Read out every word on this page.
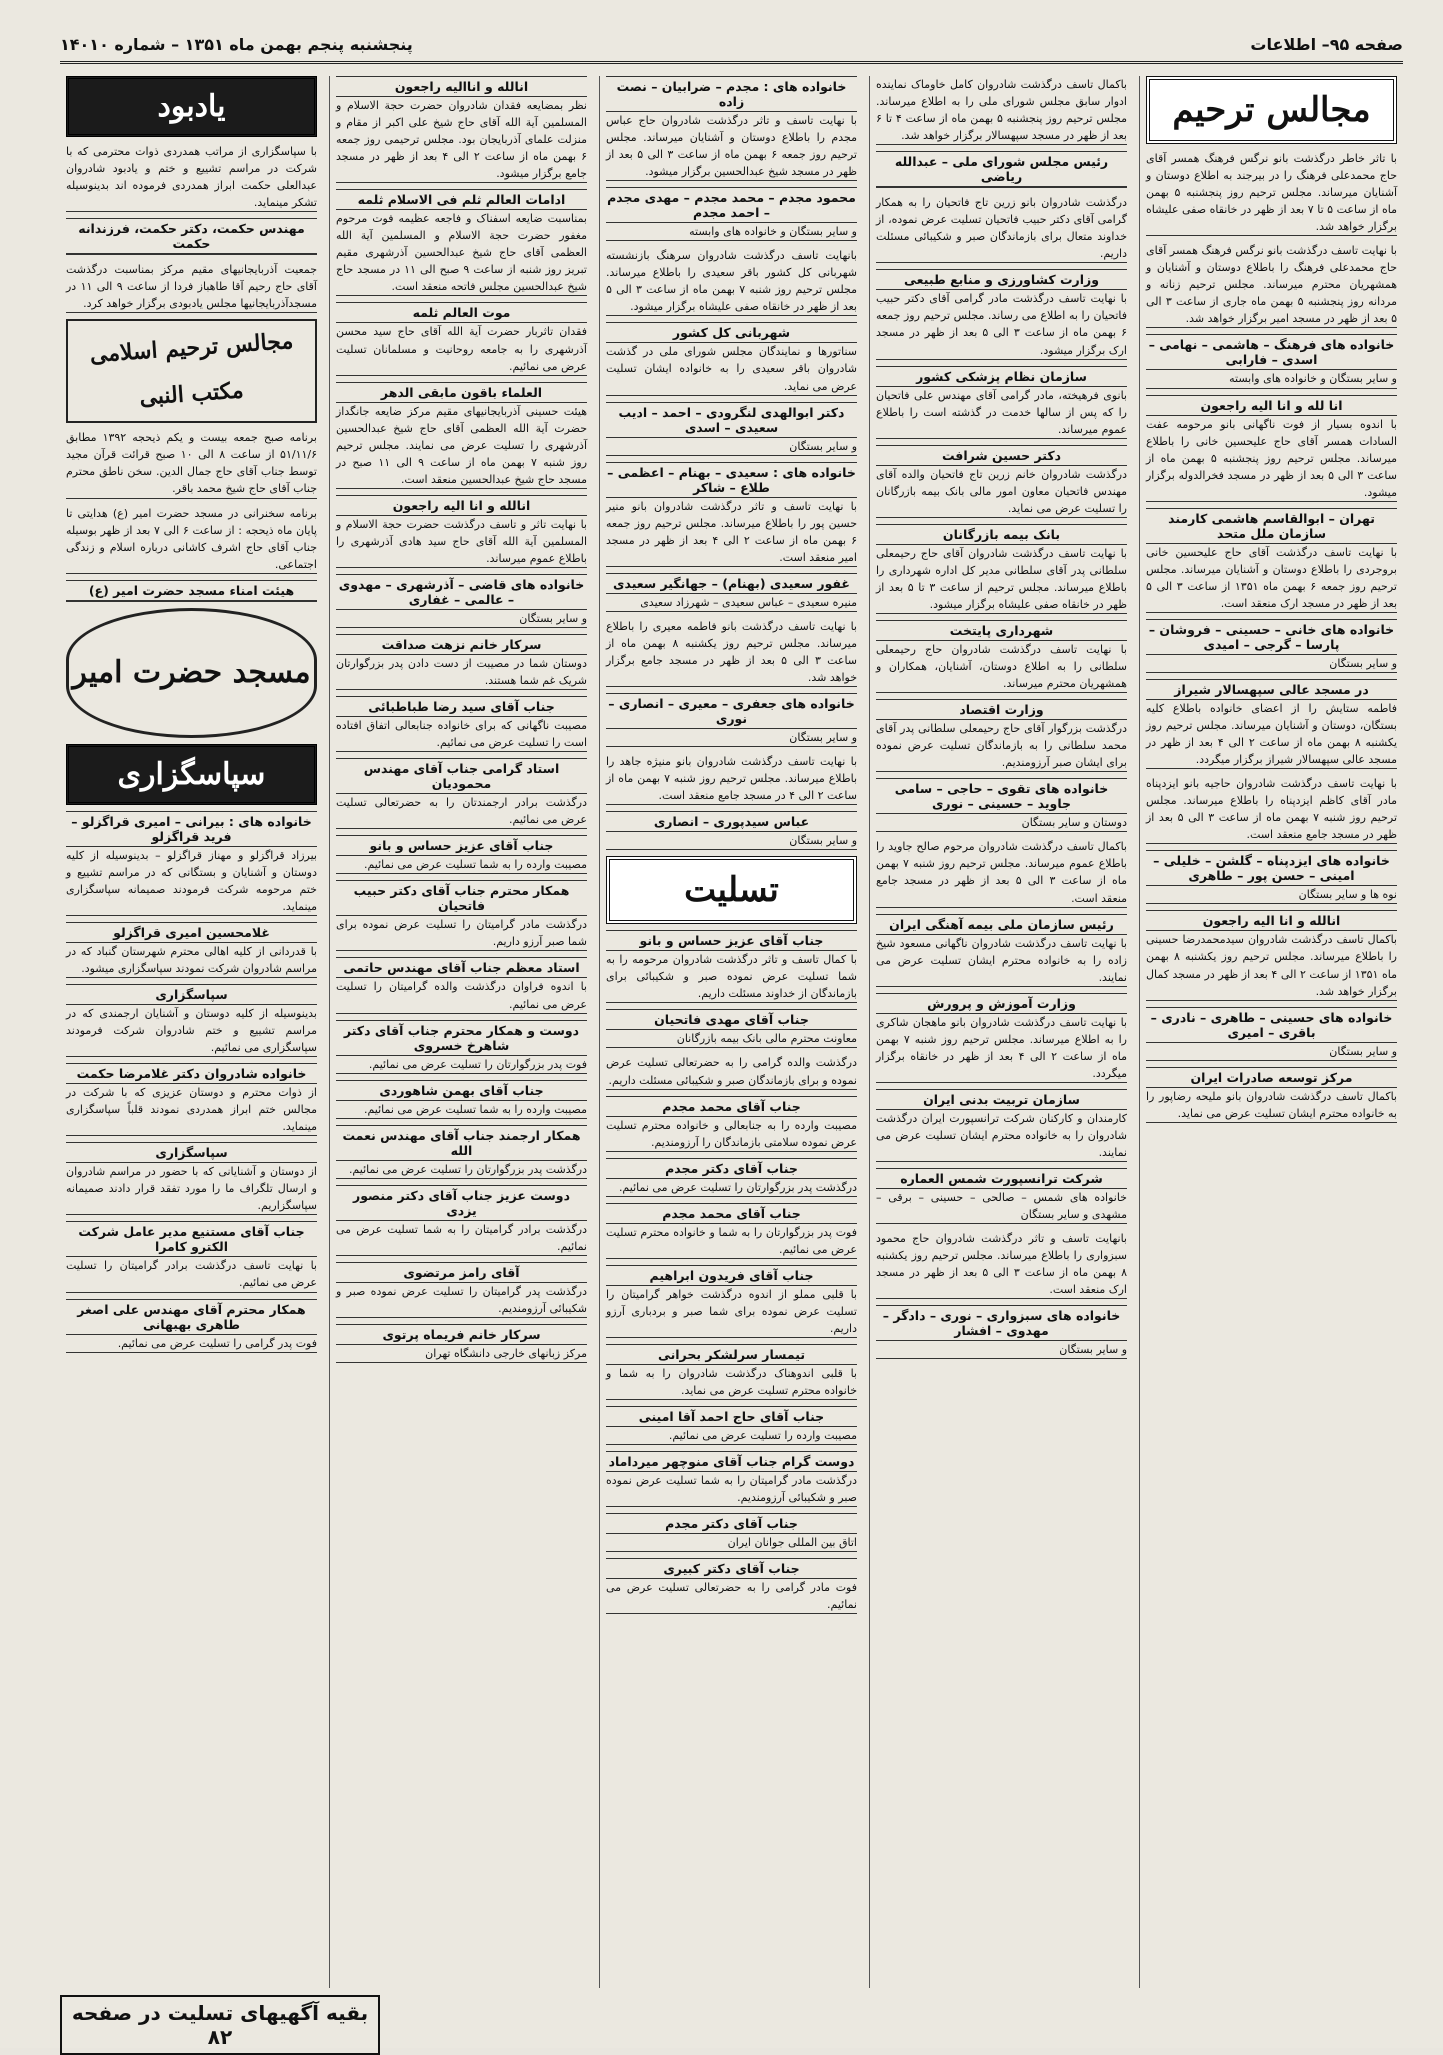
صفحه ۹۵– اطلاعات
پنجشنبه پنجم بهمن ماه ۱۳۵۱ – شماره ۱۴۰۱۰
مجالس ترحیم
با تاثر خاطر درگذشت بانو نرگس فرهنگ همسر آقای حاج محمدعلی فرهنگ را در بیرجند به اطلاع دوستان و آشنایان میرساند. مجلس ترحیم روز پنجشنبه ۵ بهمن ماه از ساعت ۵ تا ۷ بعد از ظهر در خانقاه صفی علیشاه برگزار خواهد شد.
با نهایت تاسف درگذشت بانو نرگس فرهنگ همسر آقای حاج محمدعلی فرهنگ را باطلاع دوستان و آشنایان و همشهریان محترم میرساند. مجلس ترحیم زنانه و مردانه روز پنجشنبه ۵ بهمن ماه جاری از ساعت ۳ الی ۵ بعد از ظهر در مسجد امیر برگزار خواهد شد.
خانواده های فرهنگ – هاشمی – نهامی – اسدی – فارابی
و سایر بستگان و خانواده های وابسته
انا لله و انا الیه راجعون
با اندوه بسیار از فوت ناگهانی بانو مرحومه عفت السادات همسر آقای حاج علیحسین خانی را باطلاع میرساند. مجلس ترحیم روز پنجشنبه ۵ بهمن ماه از ساعت ۳ الی ۵ بعد از ظهر در مسجد فخرالدوله برگزار میشود.
تهران – ابوالقاسم هاشمی کارمند سازمان ملل متحد
با نهایت تاسف درگذشت آقای حاج علیحسین خانی بروجردی را باطلاع دوستان و آشنایان میرساند. مجلس ترحیم روز جمعه ۶ بهمن ماه ۱۳۵۱ از ساعت ۳ الی ۵ بعد از ظهر در مسجد ارک منعقد است.
خانواده های خانی – حسینی – فروشان – پارسا – گرجی – امیدی
و سایر بستگان
در مسجد عالی سپهسالار شیراز
فاطمه ستایش را از اعضای خانواده باطلاع کلیه بستگان، دوستان و آشنایان میرساند. مجلس ترحیم روز یکشنبه ۸ بهمن ماه از ساعت ۲ الی ۴ بعد از ظهر در مسجد عالی سپهسالار شیراز برگزار میگردد.
با نهایت تاسف درگذشت شادروان حاجیه بانو ایزدپناه مادر آقای کاظم ایزدپناه را باطلاع میرساند. مجلس ترحیم روز شنبه ۷ بهمن ماه از ساعت ۳ الی ۵ بعد از ظهر در مسجد جامع منعقد است.
خانواده های ایزدپناه – گلشن – خلیلی – امینی – حسن پور – طاهری
نوه ها و سایر بستگان
انالله و انا الیه راجعون
باکمال تاسف درگذشت شادروان سیدمحمدرضا حسینی را باطلاع میرساند. مجلس ترحیم روز یکشنبه ۸ بهمن ماه ۱۳۵۱ از ساعت ۲ الی ۴ بعد از ظهر در مسجد کمال برگزار خواهد شد.
خانواده های حسینی – طاهری – نادری – باقری – امیری
و سایر بستگان
مرکز توسعه صادرات ایران
باکمال تاسف درگذشت شادروان بانو ملیحه رضاپور را به خانواده محترم ایشان تسلیت عرض می نماید.
باکمال تاسف درگذشت شادروان کامل خاوماک نماینده ادوار سابق مجلس شورای ملی را به اطلاع میرساند. مجلس ترحیم روز پنجشنبه ۵ بهمن ماه از ساعت ۴ تا ۶ بعد از ظهر در مسجد سپهسالار برگزار خواهد شد.
رئیس مجلس شورای ملی – عبدالله ریاضی
درگذشت شادروان بانو زرین تاج فاتحیان را به همکار گرامی آقای دکتر حبیب فاتحیان تسلیت عرض نموده، از خداوند متعال برای بازماندگان صبر و شکیبائی مسئلت داریم.
وزارت کشاورزی و منابع طبیعی
با نهایت تاسف درگذشت مادر گرامی آقای دکتر حبیب فاتحیان را به اطلاع می رساند. مجلس ترحیم روز جمعه ۶ بهمن ماه از ساعت ۳ الی ۵ بعد از ظهر در مسجد ارک برگزار میشود.
سازمان نظام پزشکی کشور
بانوی فرهیخته، مادر گرامی آقای مهندس علی فاتحیان را که پس از سالها خدمت در گذشته است را باطلاع عموم میرساند.
دکتر حسین شرافت
درگذشت شادروان خانم زرین تاج فاتحیان والده آقای مهندس فاتحیان معاون امور مالی بانک بیمه بازرگانان را تسلیت عرض می نماید.
بانک بیمه بازرگانان
با نهایت تاسف درگذشت شادروان آقای حاج رحیمعلی سلطانی پدر آقای سلطانی مدیر کل اداره شهرداری را باطلاع میرساند. مجلس ترحیم از ساعت ۳ تا ۵ بعد از ظهر در خانقاه صفی علیشاه برگزار میشود.
شهرداری پایتخت
با نهایت تاسف درگذشت شادروان حاج رحیمعلی سلطانی را به اطلاع دوستان، آشنایان، همکاران و همشهریان محترم میرساند.
وزارت اقتصاد
درگذشت بزرگوار آقای حاج رحیمعلی سلطانی پدر آقای محمد سلطانی را به بازماندگان تسلیت عرض نموده برای ایشان صبر آرزومندیم.
خانواده های تقوی – حاجی – سامی جاوید – حسینی – نوری
دوستان و سایر بستگان
باکمال تاسف درگذشت شادروان مرحوم صالح جاوید را باطلاع عموم میرساند. مجلس ترحیم روز شنبه ۷ بهمن ماه از ساعت ۳ الی ۵ بعد از ظهر در مسجد جامع منعقد است.
رئیس سازمان ملی بیمه آهنگی ایران
با نهایت تاسف درگذشت شادروان ناگهانی مسعود شیخ زاده را به خانواده محترم ایشان تسلیت عرض می نمایند.
وزارت آموزش و پرورش
با نهایت تاسف درگذشت شادروان بانو ماهجان شاکری را به اطلاع میرساند. مجلس ترحیم روز شنبه ۷ بهمن ماه از ساعت ۲ الی ۴ بعد از ظهر در خانقاه برگزار میگردد.
سازمان تربیت بدنی ایران
کارمندان و کارکنان شرکت ترانسپورت ایران درگذشت شادروان را به خانواده محترم ایشان تسلیت عرض می نمایند.
شرکت ترانسپورت شمس العماره
خانواده های شمس – صالحی – حسینی – برقی – مشهدی و سایر بستگان
بانهایت تاسف و تاثر درگذشت شادروان حاج محمود سبزواری را باطلاع میرساند. مجلس ترحیم روز یکشنبه ۸ بهمن ماه از ساعت ۳ الی ۵ بعد از ظهر در مسجد ارک منعقد است.
خانواده های سبزواری – نوری – دادگر – مهدوی – افشار
و سایر بستگان
خانواده های : مجدم – ضرابیان – نصت زاده
با نهایت تاسف و تاثر درگذشت شادروان حاج عباس مجدم را باطلاع دوستان و آشنایان میرساند. مجلس ترحیم روز جمعه ۶ بهمن ماه از ساعت ۳ الی ۵ بعد از ظهر در مسجد شیخ عبدالحسین برگزار میشود.
محمود مجدم – محمد مجدم – مهدی مجدم – احمد مجدم
و سایر بستگان و خانواده های وابسته
بانهایت تاسف درگذشت شادروان سرهنگ بازنشسته شهربانی کل کشور باقر سعیدی را باطلاع میرساند. مجلس ترحیم روز شنبه ۷ بهمن ماه از ساعت ۳ الی ۵ بعد از ظهر در خانقاه صفی علیشاه برگزار میشود.
شهربانی کل کشور
سناتورها و نمایندگان مجلس شورای ملی در گذشت شادروان باقر سعیدی را به خانواده ایشان تسلیت عرض می نماید.
دکتر ابوالهدی لنگرودی – احمد – ادیب سعیدی – اسدی
و سایر بستگان
خانواده های : سعیدی – بهنام – اعظمی – طلاع – شاکر
با نهایت تاسف و تاثر درگذشت شادروان بانو منیر حسین پور را باطلاع میرساند. مجلس ترحیم روز جمعه ۶ بهمن ماه از ساعت ۲ الی ۴ بعد از ظهر در مسجد امیر منعقد است.
غفور سعیدی (بهنام) – جهانگیر سعیدی
منیره سعیدی – عباس سعیدی – شهرزاد سعیدی
با نهایت تاسف درگذشت بانو فاطمه معیری را باطلاع میرساند. مجلس ترحیم روز یکشنبه ۸ بهمن ماه از ساعت ۳ الی ۵ بعد از ظهر در مسجد جامع برگزار خواهد شد.
خانواده های جعفری – معیری – انصاری – نوری
و سایر بستگان
با نهایت تاسف درگذشت شادروان بانو منیژه جاهد را باطلاع میرساند. مجلس ترحیم روز شنبه ۷ بهمن ماه از ساعت ۲ الی ۴ در مسجد جامع منعقد است.
عباس سیدپوری – انصاری
و سایر بستگان
تسلیت
جناب آقای عزیز حساس و بانو
با کمال تاسف و تاثر درگذشت شادروان مرحومه را به شما تسلیت عرض نموده صبر و شکیبائی برای بازماندگان از خداوند مسئلت داریم.
جناب آقای مهدی فاتحیان
معاونت محترم مالی بانک بیمه بازرگانان
درگذشت والده گرامی را به حضرتعالی تسلیت عرض نموده و برای بازماندگان صبر و شکیبائی مسئلت داریم.
جناب آقای محمد مجدم
مصیبت وارده را به جنابعالی و خانواده محترم تسلیت عرض نموده سلامتی بازماندگان را آرزومندیم.
جناب آقای دکتر مجدم
درگذشت پدر بزرگوارتان را تسلیت عرض می نمائیم.
جناب آقای محمد مجدم
فوت پدر بزرگوارتان را به شما و خانواده محترم تسلیت عرض می نمائیم.
جناب آقای فریدون ابراهیم
با قلبی مملو از اندوه درگذشت خواهر گرامیتان را تسلیت عرض نموده برای شما صبر و بردباری آرزو داریم.
تیمسار سرلشکر بحرانی
با قلبی اندوهناک درگذشت شادروان را به شما و خانواده محترم تسلیت عرض می نماید.
جناب آقای حاج احمد آقا امینی
مصیبت وارده را تسلیت عرض می نمائیم.
دوست گرام جناب آقای منوچهر میرداماد
درگذشت مادر گرامیتان را به شما تسلیت عرض نموده صبر و شکیبائی آرزومندیم.
جناب آقای دکتر مجدم
اتاق بین المللی جوانان ایران
جناب آقای دکتر کبیری
فوت مادر گرامی را به حضرتعالی تسلیت عرض می نمائیم.
انالله و اناالیه راجعون
نظر بمضایعه فقدان شادروان حضرت حجة الاسلام و المسلمین آیة الله آقای حاج شیخ علی اکبر از مقام و منزلت علمای آذربایجان بود. مجلس ترحیمی روز جمعه ۶ بهمن ماه از ساعت ۲ الی ۴ بعد از ظهر در مسجد جامع برگزار میشود.
ادامات العالم ثلم فی الاسلام ثلمه
بمناسبت ضایعه اسفناک و فاجعه عظیمه فوت مرحوم مغفور حضرت حجة الاسلام و المسلمین آیة الله العظمی آقای حاج شیخ عبدالحسین آذرشهری مقیم تبریز روز شنبه از ساعت ۹ صبح الی ۱۱ در مسجد حاج شیخ عبدالحسین مجلس فاتحه منعقد است.
موت العالم ثلمه
فقدان تاثربار حضرت آیة الله آقای حاج سید محسن آذرشهری را به جامعه روحانیت و مسلمانان تسلیت عرض می نمائیم.
العلماء باقون مابقی الدهر
هیئت حسینی آذربایجانیهای مقیم مرکز ضایعه جانگداز حضرت آیة الله العظمی آقای حاج شیخ عبدالحسین آذرشهری را تسلیت عرض می نمایند. مجلس ترحیم روز شنبه ۷ بهمن ماه از ساعت ۹ الی ۱۱ صبح در مسجد حاج شیخ عبدالحسین منعقد است.
انالله و انا الیه راجعون
با نهایت تاثر و تاسف درگذشت حضرت حجة الاسلام و المسلمین آیة الله آقای حاج سید هادی آذرشهری را باطلاع عموم میرساند.
خانواده های قاضی – آذرشهری – مهدوی – عالمی – غفاری
و سایر بستگان
سرکار خانم نزهت صداقت
دوستان شما در مصیبت از دست دادن پدر بزرگوارتان شریک غم شما هستند.
جناب آقای سید رضا طباطبائی
مصیبت ناگهانی که برای خانواده جنابعالی اتفاق افتاده است را تسلیت عرض می نمائیم.
استاد گرامی جناب آقای مهندس محمودیان
درگذشت برادر ارجمندتان را به حضرتعالی تسلیت عرض می نمائیم.
جناب آقای عزیز حساس و بانو
مصیبت وارده را به شما تسلیت عرض می نمائیم.
همکار محترم جناب آقای دکتر حبیب فاتحیان
درگذشت مادر گرامیتان را تسلیت عرض نموده برای شما صبر آرزو داریم.
استاد معظم جناب آقای مهندس حاتمی
با اندوه فراوان درگذشت والده گرامیتان را تسلیت عرض می نمائیم.
دوست و همکار محترم جناب آقای دکتر شاهرخ خسروی
فوت پدر بزرگوارتان را تسلیت عرض می نمائیم.
جناب آقای بهمن شاهوردی
مصیبت وارده را به شما تسلیت عرض می نمائیم.
همکار ارجمند جناب آقای مهندس نعمت الله
درگذشت پدر بزرگوارتان را تسلیت عرض می نمائیم.
دوست عزیز جناب آقای دکتر منصور یزدی
درگذشت برادر گرامیتان را به شما تسلیت عرض می نمائیم.
آقای رامز مرتضوی
درگذشت پدر گرامیتان را تسلیت عرض نموده صبر و شکیبائی آرزومندیم.
سرکار خانم فریماه پرتوی
مرکز زبانهای خارجی دانشگاه تهران
یادبود
با سپاسگزاری از مراتب همدردی ذوات محترمی که با شرکت در مراسم تشییع و ختم و یادبود شادروان عبدالعلی حکمت ابراز همدردی فرموده اند بدینوسیله تشکر مینماید.
مهندس حکمت، دکتر حکمت، فرزندانه حکمت
جمعیت آذربایجانیهای مقیم مرکز بمناسبت درگذشت آقای حاج رحیم آقا طاهباز فردا از ساعت ۹ الی ۱۱ در مسجدآذربایجانیها مجلس یادبودی برگزار خواهد کرد.
مجالس ترحیم اسلامی
مکتب النبی
برنامه صبح جمعه بیست و یکم ذیحجه ۱۳۹۲ مطابق ۵۱/۱۱/۶ از ساعت ۸ الی ۱۰ صبح قرائت قرآن مجید توسط جناب آقای حاج جمال الدین. سخن ناطق محترم جناب آقای حاج شیخ محمد باقر.
برنامه سخنرانی در مسجد حضرت امیر (ع) هدایتی تا پایان ماه ذیحجه : از ساعت ۶ الی ۷ بعد از ظهر بوسیله جناب آقای حاج اشرف کاشانی درباره اسلام و زندگی اجتماعی.
هیئت امناء مسجد حضرت امیر (ع)
مسجد حضرت امیر
سپاسگزاری
خانواده های : بیرانی – امیری قراگزلو – فرید قراگزلو
بیرزاد قراگزلو و مهناز قراگزلو – بدینوسیله از کلیه دوستان و آشنایان و بستگانی که در مراسم تشییع و ختم مرحومه شرکت فرمودند صمیمانه سپاسگزاری مینماید.
غلامحسین امیری قراگزلو
با قدردانی از کلیه اهالی محترم شهرستان گنباد که در مراسم شادروان شرکت نمودند سپاسگزاری میشود.
سپاسگزاری
بدینوسیله از کلیه دوستان و آشنایان ارجمندی که در مراسم تشییع و ختم شادروان شرکت فرمودند سپاسگزاری می نمائیم.
خانواده شادروان دکتر غلامرضا حکمت
از ذوات محترم و دوستان عزیزی که با شرکت در مجالس ختم ابراز همدردی نمودند قلباً سپاسگزاری مینماید.
سپاسگزاری
از دوستان و آشنایانی که با حضور در مراسم شادروان و ارسال تلگراف ما را مورد تفقد قرار دادند صمیمانه سپاسگزاریم.
جناب آقای مستنیع مدیر عامل شرکت الکترو کامرا
با نهایت تاسف درگذشت برادر گرامیتان را تسلیت عرض می نمائیم.
همکار محترم آقای مهندس علی اصغر طاهری بهبهانی
فوت پدر گرامی را تسلیت عرض می نمائیم.
بقیه آگهیهای تسلیت در صفحه ۸۲
